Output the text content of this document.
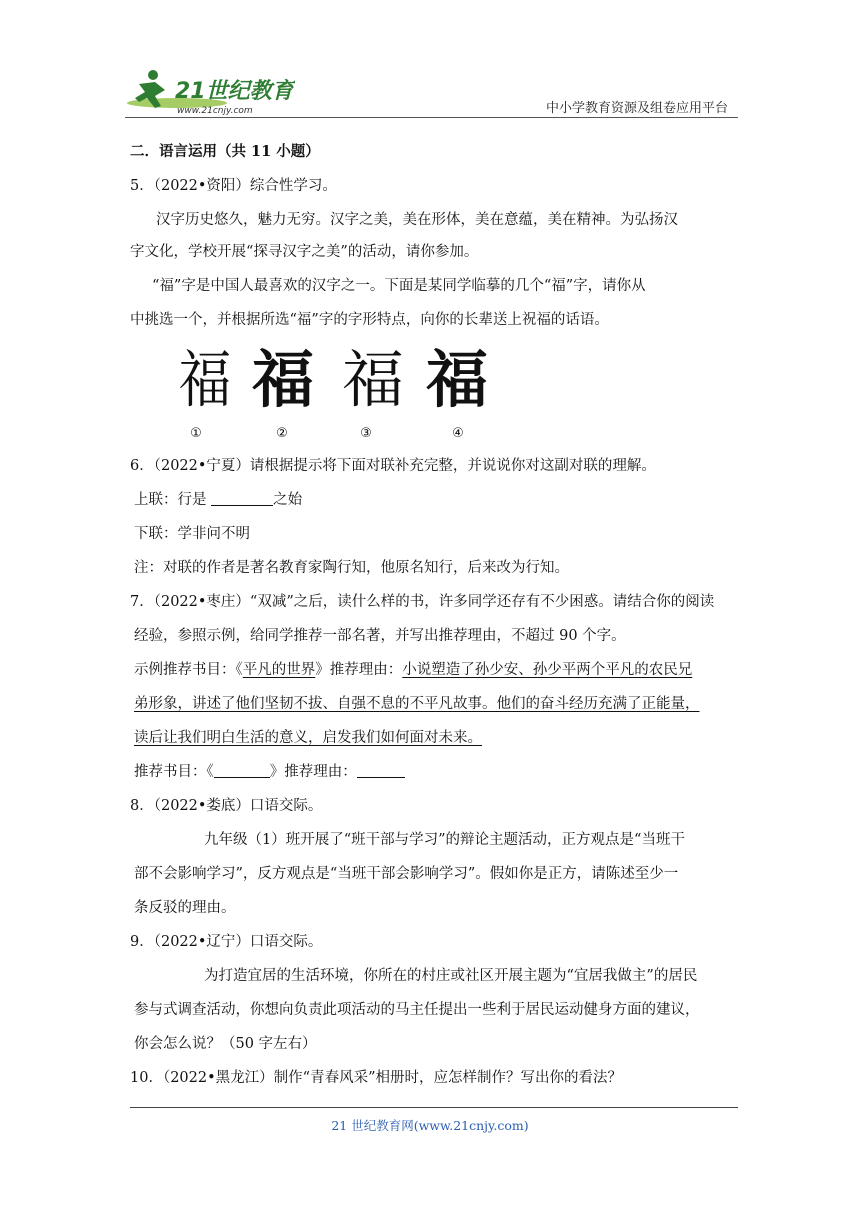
21世纪教育
www.21cnjy.com	中小学教育资源及组卷应用平台
二．语言运用（共 11 小题）
5．（2022•资阳）综合性学习。
汉字历史悠久，魅力无穷。汉字之美，美在形体，美在意蕴，美在精神。为弘扬汉
字文化，学校开展“探寻汉字之美”的活动，请你参加。
“福”字是中国人最喜欢的汉字之一。下面是某同学临摹的几个“福”字，请你从
中挑选一个，并根据所选“福”字的字形特点，向你的长辈送上祝福的话语。
6．（2022•宁夏）请根据提示将下面对联补充完整，并说说你对这副对联的理解。
上联：行是	之始
下联：学非问不明
注：对联的作者是著名教育家陶行知，他原名知行，后来改为行知。
7．（2022•枣庄）“双减”之后，读什么样的书，许多同学还存有不少困惑。请结合你的阅读
经验，参照示例，给同学推荐一部名著，并写出推荐理由，不超过 90 个字。
示例推荐书目：《平凡的世界》推荐理由：小说塑造了孙少安、孙少平两个平凡的农民兄
弟形象，讲述了他们坚韧不拔、自强不息的不平凡故事。他们的奋斗经历充满了正能量，
读后让我们明白生活的意义，启发我们如何面对未来。
推荐书目：《	》推荐理由：
8．（2022•娄底）口语交际。
九年级（1）班开展了“班干部与学习”的辩论主题活动，正方观点是“当班干
部不会影响学习”，反方观点是“当班干部会影响学习”。假如你是正方，请陈述至少一
条反驳的理由。
9．（2022•辽宁）口语交际。
为打造宜居的生活环境，你所在的村庄或社区开展主题为“宜居我做主”的居民
参与式调查活动，你想向负责此项活动的马主任提出一些利于居民运动健身方面的建议，
你会怎么说？（50 字左右）
10．（2022•黑龙江）制作“青春风采”相册时，应怎样制作？写出你的看法？
福 福 福 福
①	②	③	④
21 世纪教育网(www.21cnjy.com)
